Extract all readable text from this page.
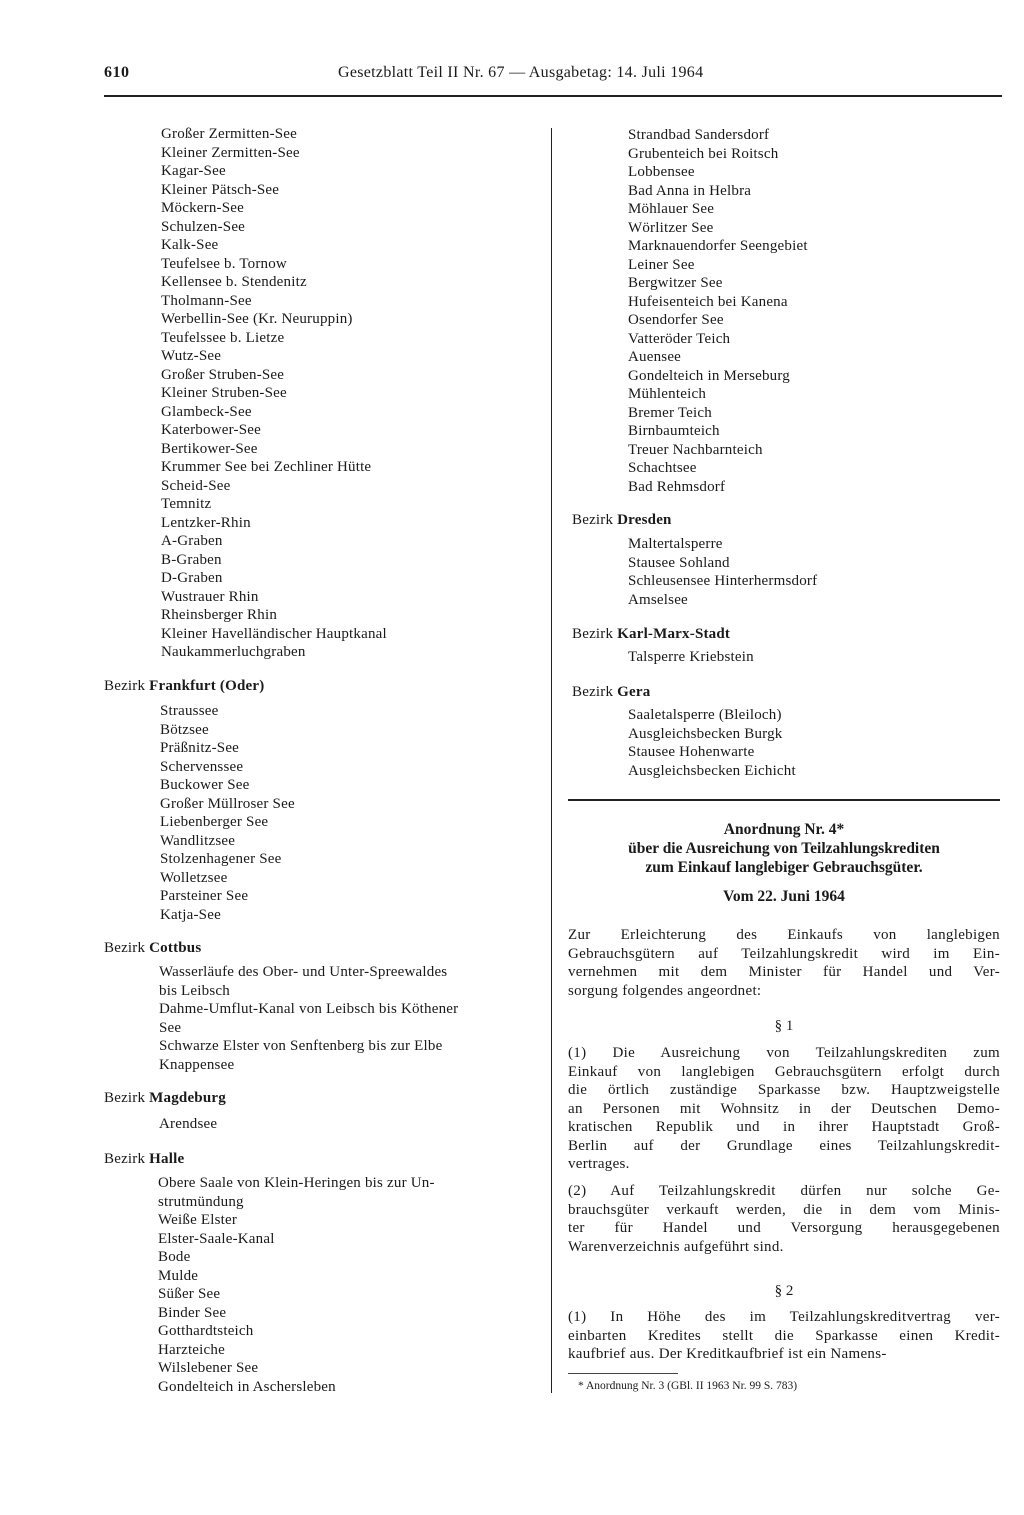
610	Gesetzblatt Teil II Nr. 67 — Ausgabetag: 14. Juli 1964
Großer Zermitten-See
Kleiner Zermitten-See
Kagar-See
Kleiner Pätsch-See
Möckern-See
Schulzen-See
Kalk-See
Teufelsee b. Tornow
Kellensee b. Stendenitz
Tholmann-See
Werbellin-See (Kr. Neuruppin)
Teufelssee b. Lietze
Wutz-See
Großer Struben-See
Kleiner Struben-See
Glambeck-See
Katerbower-See
Bertikower-See
Krummer See bei Zechliner Hütte
Scheid-See
Temnitz
Lentzker-Rhin
A-Graben
B-Graben
D-Graben
Wustrauer Rhin
Rheinsberger Rhin
Kleiner Havelländischer Hauptkanal
Naukammerluchgraben
Bezirk Frankfurt (Oder)
Straussee
Bötzsee
Präßnitz-See
Schervenssee
Buckower See
Großer Müllroser See
Liebenberger See
Wandlitzsee
Stolzenhagener See
Wolletzsee
Parsteiner See
Katja-See
Bezirk Cottbus
Wasserläufe des Ober- und Unter-Spreewaldes
bis Leibsch
Dahme-Umflut-Kanal von Leibsch bis Köthener
See
Schwarze Elster von Senftenberg bis zur Elbe
Knappensee
Bezirk Magdeburg
Arendsee
Bezirk Halle
Obere Saale von Klein-Heringen bis zur Un-
strutmündung
Weiße Elster
Elster-Saale-Kanal
Bode
Mulde
Süßer See
Binder See
Gotthardtsteich
Harzteiche
Wilslebener See
Gondelteich in Aschersleben
Strandbad Sandersdorf
Grubenteich bei Roitsch
Lobbensee
Bad Anna in Helbra
Möhlauer See
Wörlitzer See
Marknauendorfer Seengebiet
Leiner See
Bergwitzer See
Hufeisenteich bei Kanena
Osendorfer See
Vatteröder Teich
Auensee
Gondelteich in Merseburg
Mühlenteich
Bremer Teich
Birnbaumteich
Treuer Nachbarnteich
Schachtsee
Bad Rehmsdorf
Bezirk Dresden
Maltertalsperre
Stausee Sohland
Schleusensee Hinterhermsdorf
Amselsee
Bezirk Karl-Marx-Stadt
Talsperre Kriebstein
Bezirk Gera
Saaletalsperre (Bleiloch)
Ausgleichsbecken Burgk
Stausee Hohenwarte
Ausgleichsbecken Eichicht
Anordnung Nr. 4*
über die Ausreichung von Teilzahlungskrediten
zum Einkauf langlebiger Gebrauchsgüter.
Vom 22. Juni 1964

Zur Erleichterung des Einkaufs von langlebigen
Gebrauchsgütern auf Teilzahlungskredit wird im Ein-
vernehmen mit dem Minister für Handel und Ver-
sorgung folgendes angeordnet:

§ 1

(1) Die Ausreichung von Teilzahlungskrediten zum
Einkauf von langlebigen Gebrauchsgütern erfolgt durch
die örtlich zuständige Sparkasse bzw. Hauptzweigstelle
an Personen mit Wohnsitz in der Deutschen Demo-
kratischen Republik und in ihrer Hauptstadt Groß-
Berlin auf der Grundlage eines Teilzahlungskredit-
vertrages.

(2) Auf Teilzahlungskredit dürfen nur solche Ge-
brauchsgüter verkauft werden, die in dem vom Minis-
ter für Handel und Versorgung herausgegebenen
Warenverzeichnis aufgeführt sind.

§ 2

(1) In Höhe des im Teilzahlungskreditvertrag ver-
einbarten Kredites stellt die Sparkasse einen Kredit-
kaufbrief aus. Der Kreditkaufbrief ist ein Namens-

* Anordnung Nr. 3 (GBl. II 1963 Nr. 99 S. 783)
